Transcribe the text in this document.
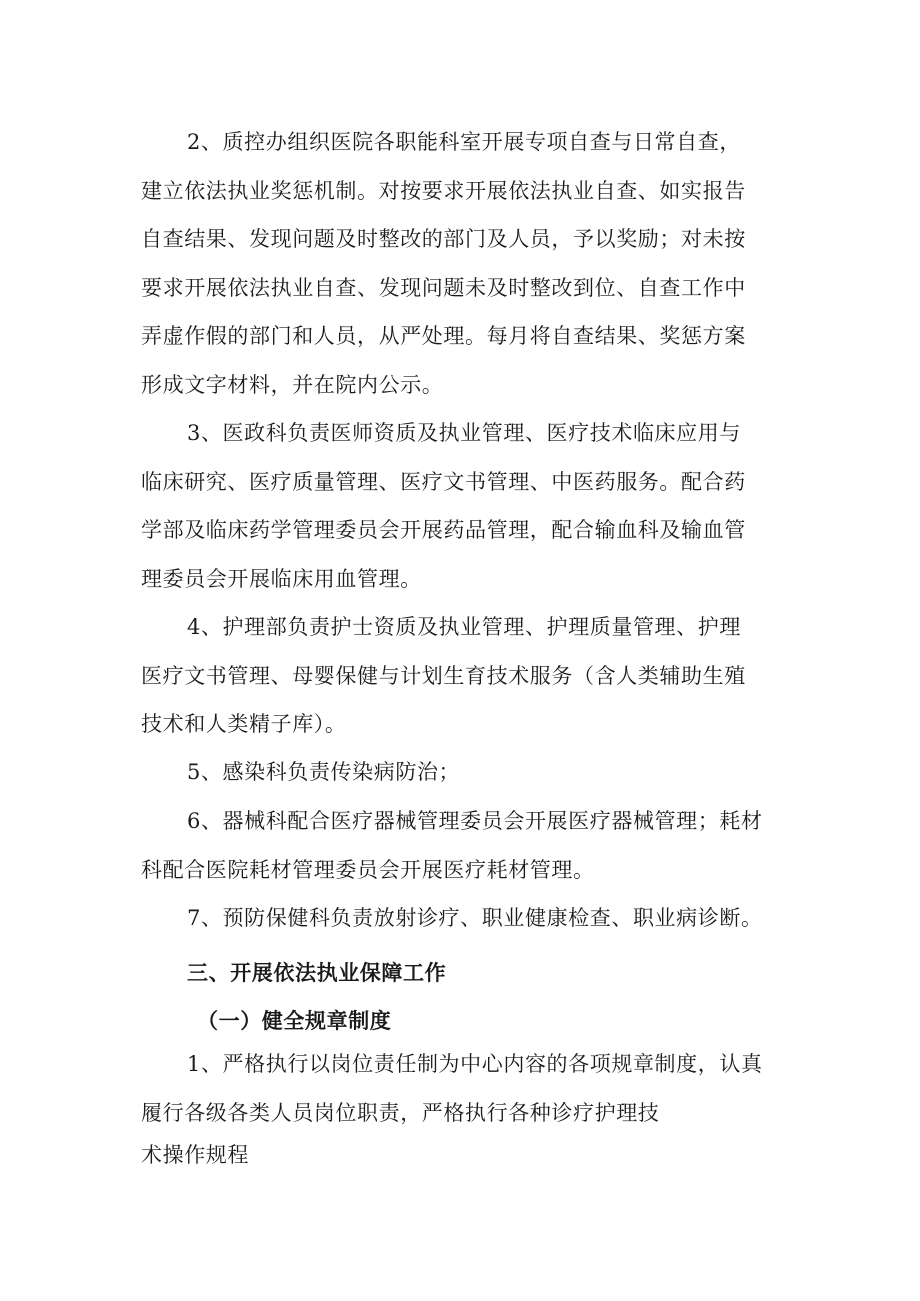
2、质控办组织医院各职能科室开展专项自查与日常自查，
建立依法执业奖惩机制。对按要求开展依法执业自查、如实报告
自查结果、发现问题及时整改的部门及人员，予以奖励；对未按
要求开展依法执业自查、发现问题未及时整改到位、自查工作中
弄虚作假的部门和人员，从严处理。每月将自查结果、奖惩方案
形成文字材料，并在院内公示。
3、医政科负责医师资质及执业管理、医疗技术临床应用与
临床研究、医疗质量管理、医疗文书管理、中医药服务。配合药
学部及临床药学管理委员会开展药品管理，配合输血科及输血管
理委员会开展临床用血管理。
4、护理部负责护士资质及执业管理、护理质量管理、护理
医疗文书管理、母婴保健与计划生育技术服务（含人类辅助生殖
技术和人类精子库）。
5、感染科负责传染病防治；
6、器械科配合医疗器械管理委员会开展医疗器械管理；耗材
科配合医院耗材管理委员会开展医疗耗材管理。
7、预防保健科负责放射诊疗、职业健康检查、职业病诊断。
三、开展依法执业保障工作
（一）健全规章制度
1、严格执行以岗位责任制为中心内容的各项规章制度，认真
履行各级各类人员岗位职责，严格执行各种诊疗护理技
术操作规程
